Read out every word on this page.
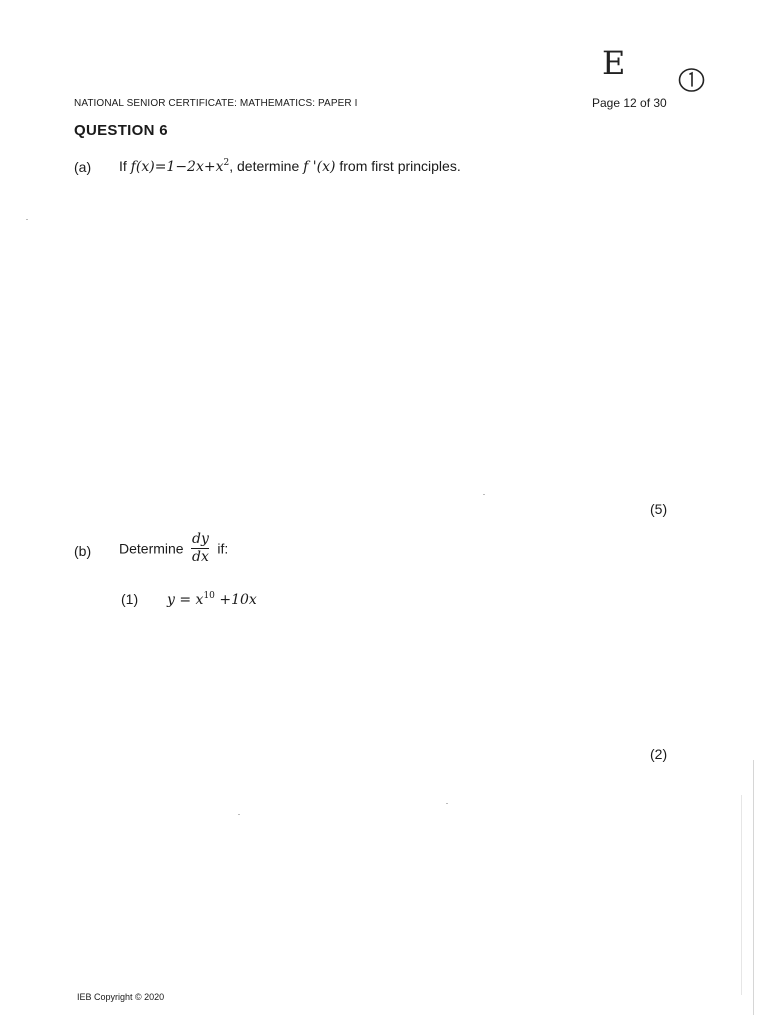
NATIONAL SENIOR CERTIFICATE: MATHEMATICS: PAPER I	Page 12 of 30
E
QUESTION 6
(a) If $f(x)=1-2x+x^2$, determine f '(x) from first principles.
(5)
(b) Determine $\frac{dy}{dx}$ if:
(1) $y = x^{10} +10x$
(2)
IEB Copyright © 2020
